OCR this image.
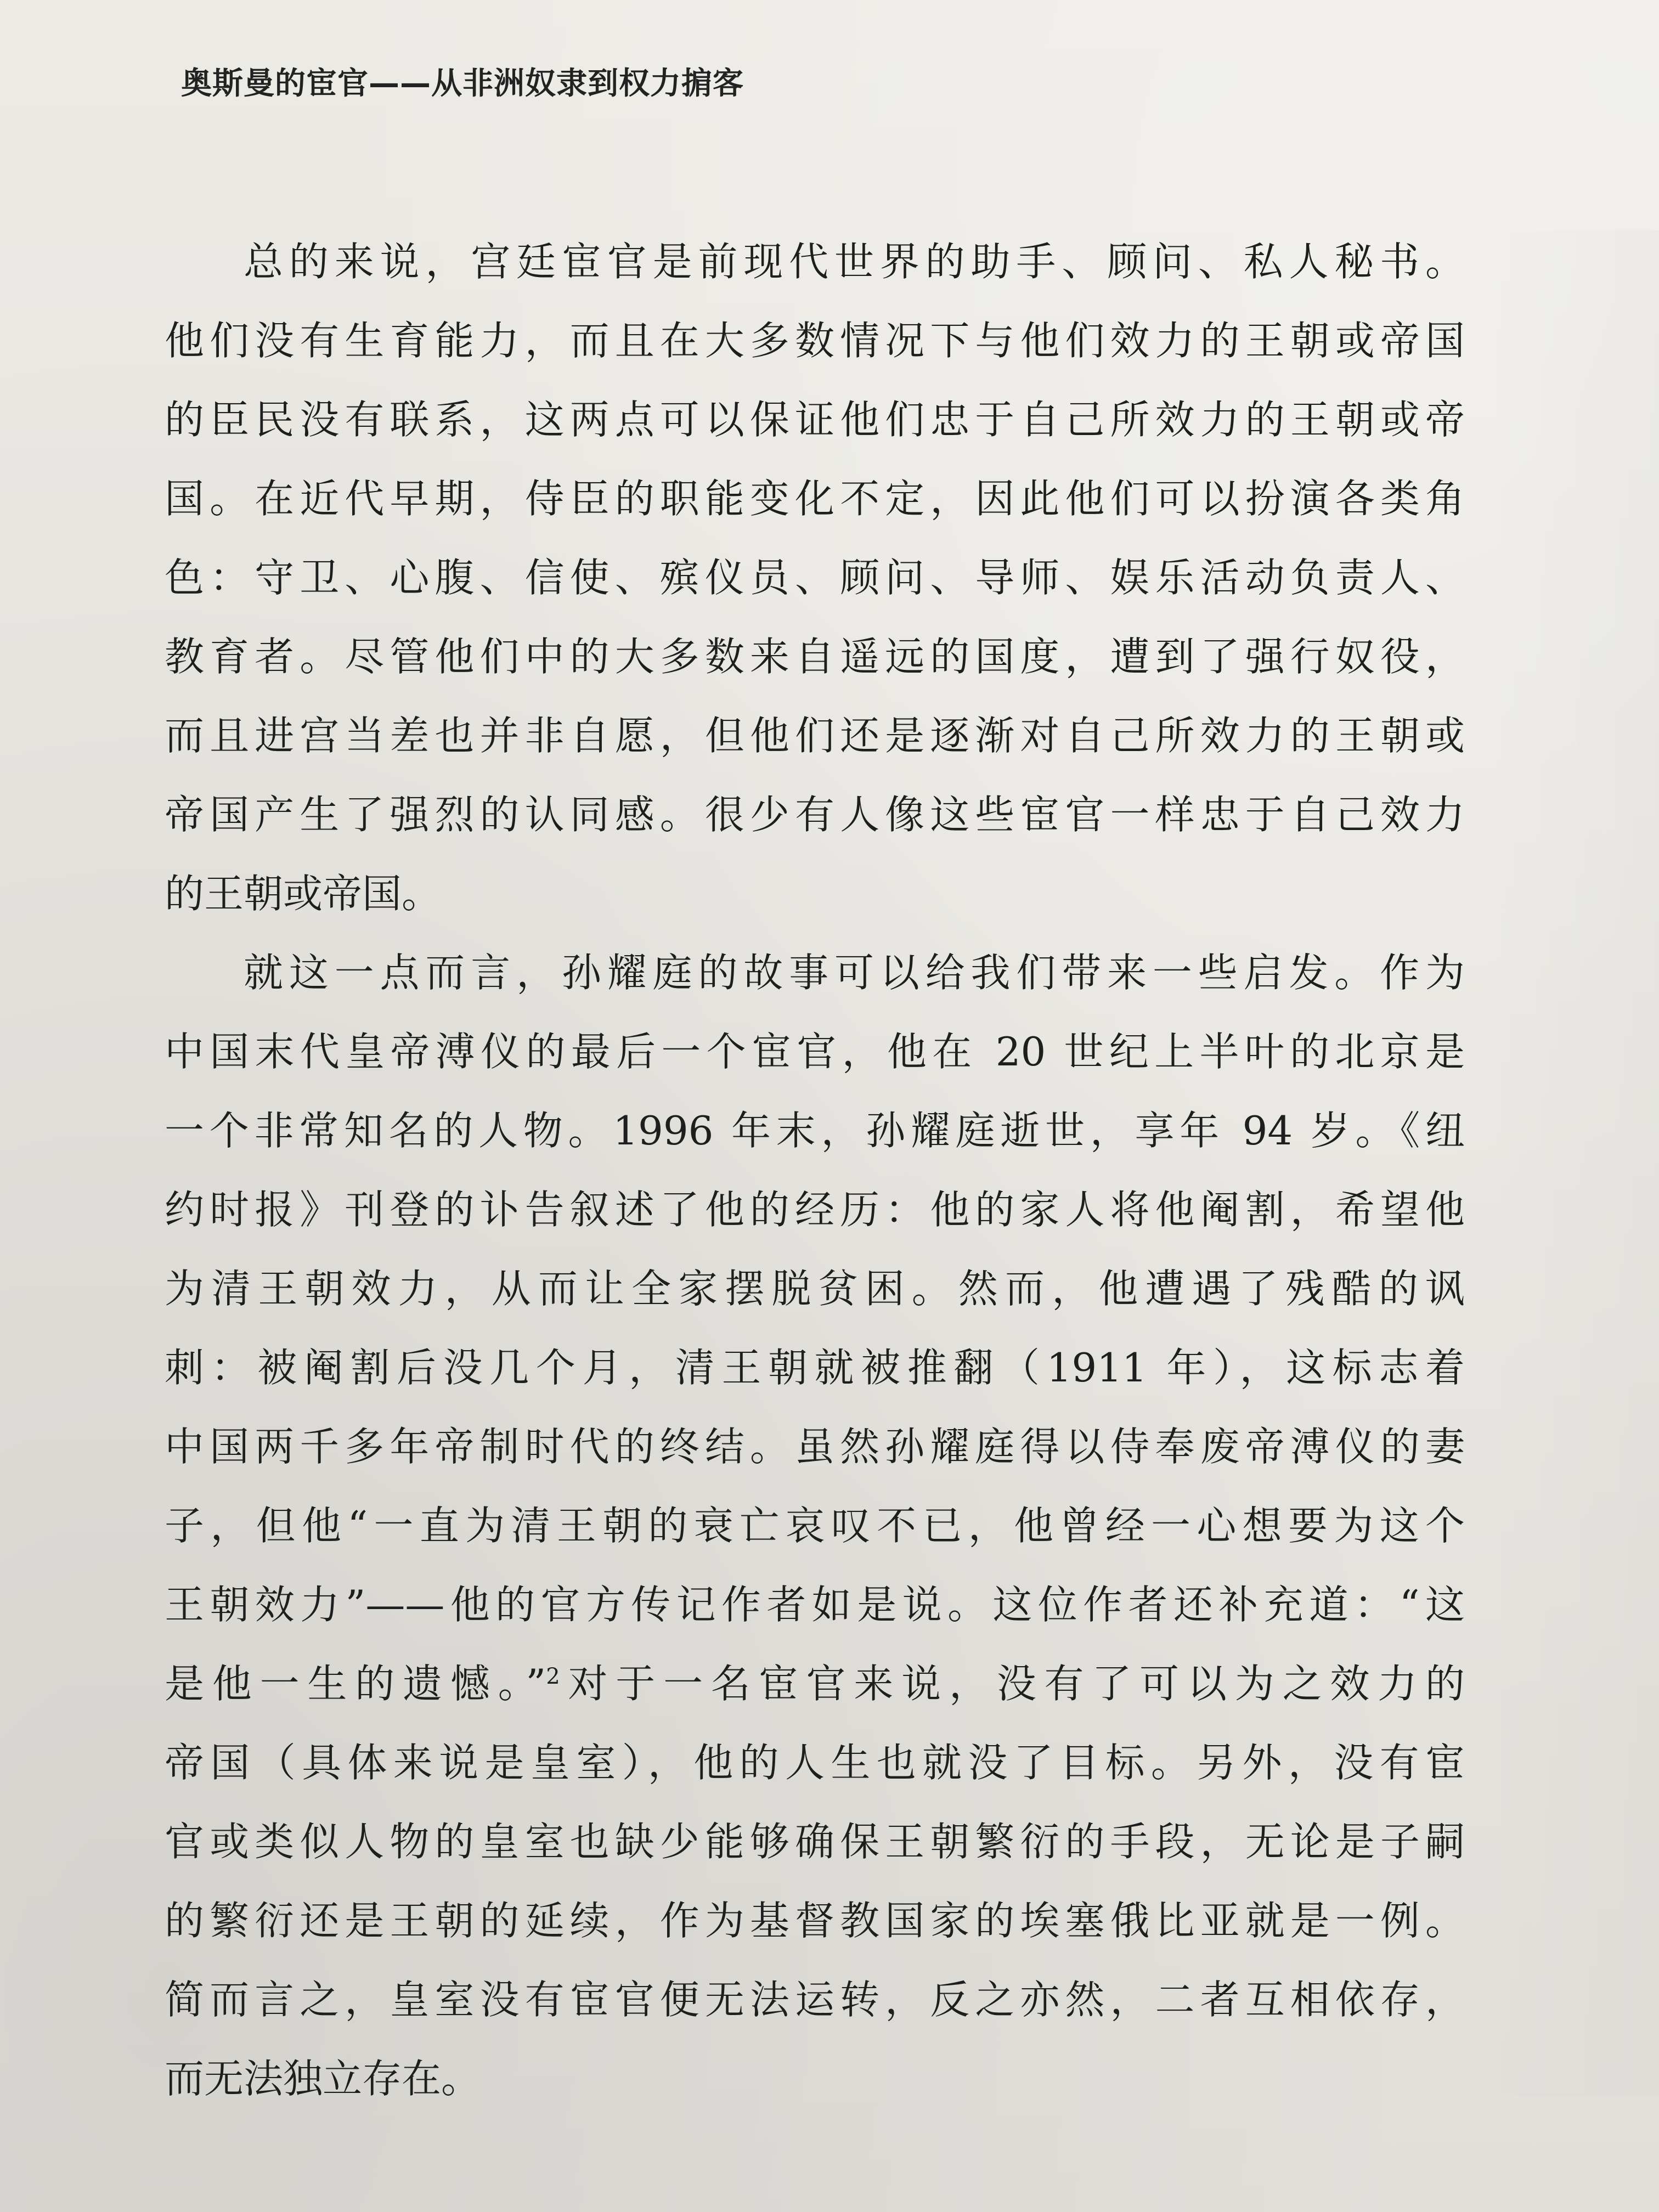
奥斯曼的宦官——从非洲奴隶到权力掮客
总的来说，宫廷宦官是前现代世界的助手、顾问、私人秘书。
他们没有生育能力，而且在大多数情况下与他们效力的王朝或帝国
的臣民没有联系，这两点可以保证他们忠于自己所效力的王朝或帝
国。在近代早期，侍臣的职能变化不定，因此他们可以扮演各类角
色：守卫、心腹、信使、殡仪员、顾问、导师、娱乐活动负责人、
教育者。尽管他们中的大多数来自遥远的国度，遭到了强行奴役，
而且进宫当差也并非自愿，但他们还是逐渐对自己所效力的王朝或
帝国产生了强烈的认同感。很少有人像这些宦官一样忠于自己效力
的王朝或帝国。
就这一点而言，孙耀庭的故事可以给我们带来一些启发。作为
中国末代皇帝溥仪的最后一个宦官，他在 20 世纪上半叶的北京是
一个非常知名的人物。1996 年末，孙耀庭逝世，享年 94 岁。《纽
约时报》刊登的讣告叙述了他的经历：他的家人将他阉割，希望他
为清王朝效力，从而让全家摆脱贫困。然而，他遭遇了残酷的讽
刺：被阉割后没几个月，清王朝就被推翻（1911 年），这标志着
中国两千多年帝制时代的终结。虽然孙耀庭得以侍奉废帝溥仪的妻
子，但他“一直为清王朝的衰亡哀叹不已，他曾经一心想要为这个
王朝效力”——他的官方传记作者如是说。这位作者还补充道：“这
是他一生的遗憾。”$^2$对于一名宦官来说，没有了可以为之效力的
帝国（具体来说是皇室），他的人生也就没了目标。另外，没有宦
官或类似人物的皇室也缺少能够确保王朝繁衍的手段，无论是子嗣
的繁衍还是王朝的延续，作为基督教国家的埃塞俄比亚就是一例。
简而言之，皇室没有宦官便无法运转，反之亦然，二者互相依存，
而无法独立存在。
